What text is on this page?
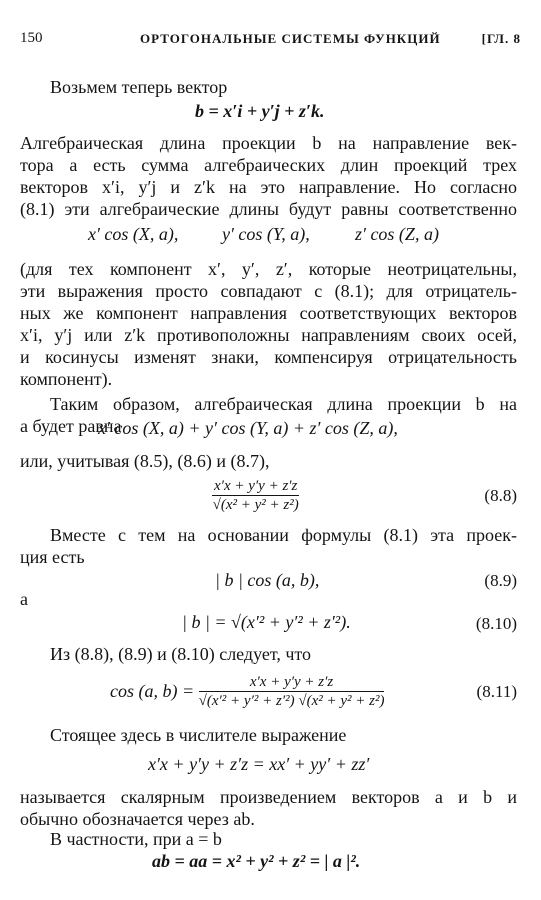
150	ОРТОГОНАЛЬНЫЕ СИСТЕМЫ ФУНКЦИЙ	[ГЛ. 8
Возьмем теперь вектор
b = x′i + y′j + z′k.
Алгебраическая длина проекции b на направление век-
тора a есть сумма алгебраических длин проекций трех
векторов x′i, y′j и z′k на это направление. Но согласно
(8.1) эти алгебраические длины будут равны соответственно
x′ cos (X, a), y′ cos (Y, a),	z′ cos (Z, a)
(для тех компонент x′, y′, z′, которые неотрицательны,
эти выражения просто совпадают с (8.1); для отрицатель-
ных же компонент направления соответствующих векторов
x′i, y′j или z′k противоположны направлениям своих осей,
и косинусы изменят знаки, компенсируя отрицательность
компонент).
Таким образом, алгебраическая длина проекции b на
a будет равна
x′ cos (X, a) + y′ cos (Y, a) + z′ cos (Z, a),
или, учитывая (8.5), (8.6) и (8.7),
$\frac{x'x + y'y + z'z}{\text{√(x² + y² + z²)}}$	(8.8)
Вместе с тем на основании формулы (8.1) эта проек-
ция есть
| b | cos (a, b),	(8.9)
а
| b | = √(x′² + y′² + z′²).	(8.10)
Из (8.8), (8.9) и (8.10) следует, что
cos (a, $b) = \frac{x'x + y'y + z'z}{\text{√(x′² + y′² + z′²) √(x² + y² + z²)}}$	(8.11)
Стоящее здесь в числителе выражение
x′x + y′y + z′z = xx′ + yy′ + zz′
называется скалярным произведением векторов a и b и
обычно обозначается через ab.
В частности, при a = b
ab = aa = x² + y² + z² = | a |².
